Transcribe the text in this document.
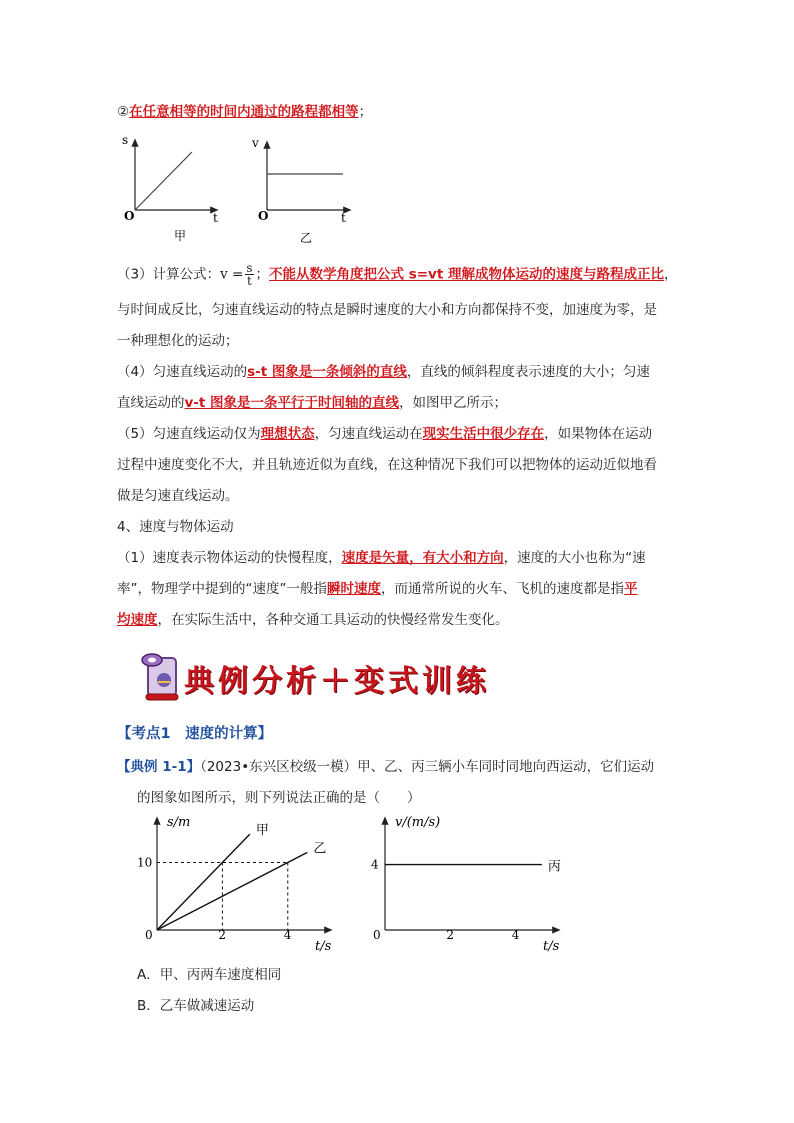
②在任意相等的时间内通过的路程都相等；
s
O	t
甲
v
O	t
乙
（3）计算公式：$v = \frac{s}{t}$ ；不能从数学角度把公式 s=vt 理解成物体运动的速度与路程成正比，
与时间成反比，匀速直线运动的特点是瞬时速度的大小和方向都保持不变，加速度为零，是
一种理想化的运动；
（4）匀速直线运动的s-t 图象是一条倾斜的直线，直线的倾斜程度表示速度的大小；匀速
直线运动的v-t 图象是一条平行于时间轴的直线，如图甲乙所示；
（5）匀速直线运动仅为理想状态，匀速直线运动在现实生活中很少存在，如果物体在运动
过程中速度变化不大，并且轨迹近似为直线，在这种情况下我们可以把物体的运动近似地看
做是匀速直线运动。
4、速度与物体运动
（1）速度表示物体运动的快慢程度，速度是矢量，有大小和方向，速度的大小也称为“速
率”，物理学中提到的“速度”一般指瞬时速度，而通常所说的火车、飞机的速度都是指平
均速度，在实际生活中，各种交通工具运动的快慢经常发生变化。
典例分析＋变式训练
【考点1　速度的计算】
【典例 1-1】（2023•东兴区校级一模）甲、乙、丙三辆小车同时同地向西运动，它们运动
的图象如图所示，则下列说法正确的是（　　）
s/m
t/s
0	2	4
10
甲
乙
v/(m/s)
t/s
0	2	4
4	丙
A．甲、丙两车速度相同
B．乙车做减速运动
